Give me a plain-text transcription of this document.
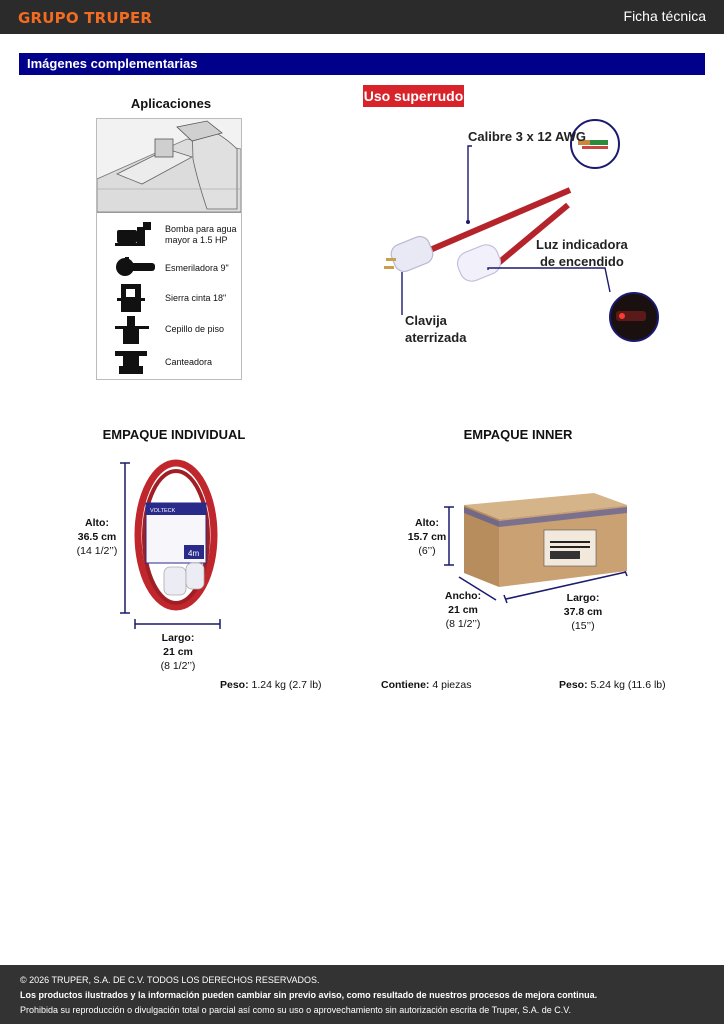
GRUPO TRUPER	Ficha técnica
Imágenes complementarias
Aplicaciones
Bomba para agua
mayor a 1.5 HP
Esmeriladora 9"
Sierra cinta 18"
Cepillo de piso
Canteadora
Uso superrudo
Calibre 3 x 12 AWG
Luz indicadora
de encendido
Clavija
aterrizada
EMPAQUE INDIVIDUAL
VOLTECK
4m
Alto:
36.5 cm
(14 1/2’’)
Largo:
21 cm
(8 1/2’’)
Peso: 1.24 kg (2.7 lb)
EMPAQUE INNER
Alto:
15.7 cm
(6’’)
Ancho:
21 cm
(8 1/2’’)
Largo:
37.8 cm
(15’’)
Contiene: 4 piezas	Peso: 5.24 kg (11.6 lb)
© 2026 TRUPER, S.A. DE C.V. TODOS LOS DERECHOS RESERVADOS.
Los productos ilustrados y la información pueden cambiar sin previo aviso, como resultado de nuestros procesos de mejora continua.
Prohibida su reproducción o divulgación total o parcial así como su uso o aprovechamiento sin autorización escrita de Truper, S.A. de C.V.
